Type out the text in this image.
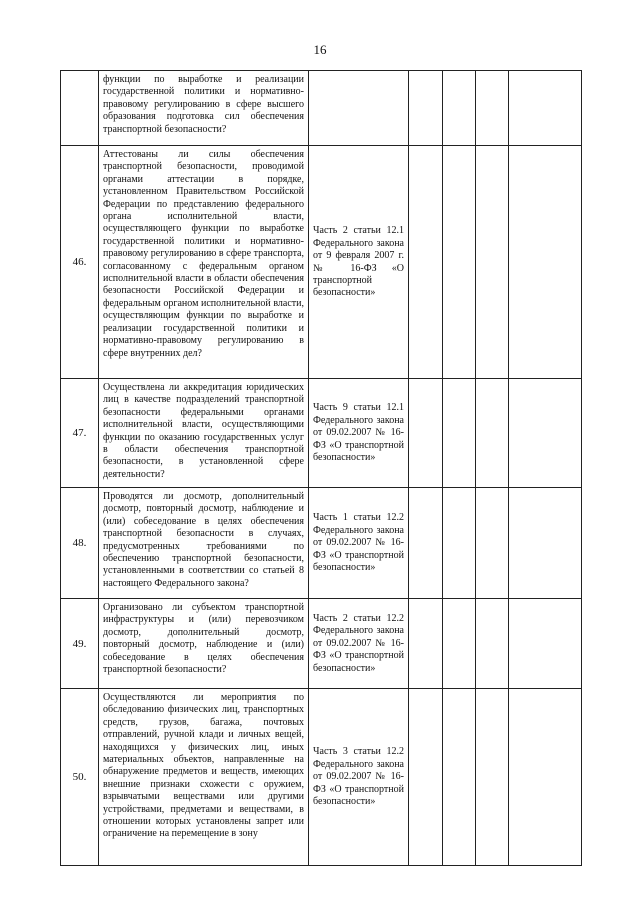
16

	функции по выработке и реализации государственной политики и нормативно-правовому регулированию в сфере высшего образования подготовка сил обеспечения транспортной безопасности?					

46.	Аттестованы ли силы обеспечения транспортной безопасности, проводимой органами аттестации в порядке, установленном Правительством Российской Федерации по представлению федерального органа исполнительной власти, осуществляющего функции по выработке государственной политики и нормативно-правовому регулированию в сфере транспорта, согласованному с федеральным органом исполнительной власти в области обеспечения безопасности Российской Федерации и федеральным органом исполнительной власти, осуществляющим функции по выработке и реализации государственной политики и нормативно-правовому регулированию в сфере внутренних дел?	Часть 2 статьи 12.1 Федерального закона от 9 февраля 2007 г. № 16-ФЗ «О транспортной безопасности»				

47.	Осуществлена ли аккредитация юридических лиц в качестве подразделений транспортной безопасности федеральными органами исполнительной власти, осуществляющими функции по оказанию государственных услуг в области обеспечения транспортной безопасности, в установленной сфере деятельности?	Часть 9 статьи 12.1 Федерального закона от 09.02.2007 № 16-ФЗ «О транспортной безопасности»				

48.	Проводятся ли досмотр, дополнительный досмотр, повторный досмотр, наблюдение и (или) собеседование в целях обеспечения транспортной безопасности в случаях, предусмотренных требованиями по обеспечению транспортной безопасности, установленными в соответствии со статьей 8 настоящего Федерального закона?	Часть 1 статьи 12.2 Федерального закона от 09.02.2007 № 16-ФЗ «О транспортной безопасности»				

49.	Организовано ли субъектом транспортной инфраструктуры и (или) перевозчиком досмотр, дополнительный досмотр, повторный досмотр, наблюдение и (или) собеседование в целях обеспечения транспортной безопасности?	Часть 2 статьи 12.2 Федерального закона от 09.02.2007 № 16-ФЗ «О транспортной безопасности»				

50.	Осуществляются ли мероприятия по обследованию физических лиц, транспортных средств, грузов, багажа, почтовых отправлений, ручной клади и личных вещей, находящихся у физических лиц, иных материальных объектов, направленные на обнаружение предметов и веществ, имеющих внешние признаки схожести с оружием, взрывчатыми веществами или другими устройствами, предметами и веществами, в отношении которых установлены запрет или ограничение на перемещение в зону	Часть 3 статьи 12.2 Федерального закона от 09.02.2007 № 16-ФЗ «О транспортной безопасности»				
